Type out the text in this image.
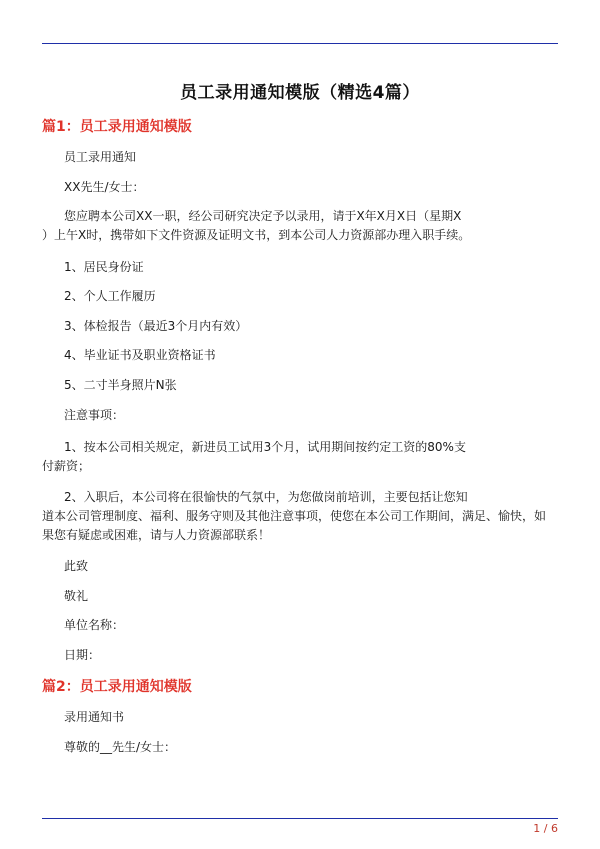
员工录用通知模版（精选4篇）
篇1：员工录用通知模版
员工录用通知
XX先生/女士：
您应聘本公司XX一职，经公司研究决定予以录用，请于X年X月X日（星期X
）上午X时，携带如下文件资源及证明文书，到本公司人力资源部办理入职手续。
1、居民身份证
2、个人工作履历
3、体检报告（最近3个月内有效）
4、毕业证书及职业资格证书
5、二寸半身照片N张
注意事项：
1、按本公司相关规定，新进员工试用3个月，试用期间按约定工资的80%支
付薪资；
2、入职后，本公司将在很愉快的气氛中，为您做岗前培训，主要包括让您知
道本公司管理制度、福利、服务守则及其他注意事项，使您在本公司工作期间，满足、愉快，如
果您有疑虑或困难，请与人力资源部联系！
此致
敬礼
单位名称：
日期：
篇2：员工录用通知模版
录用通知书
尊敬的__先生/女士：
1 / 6
